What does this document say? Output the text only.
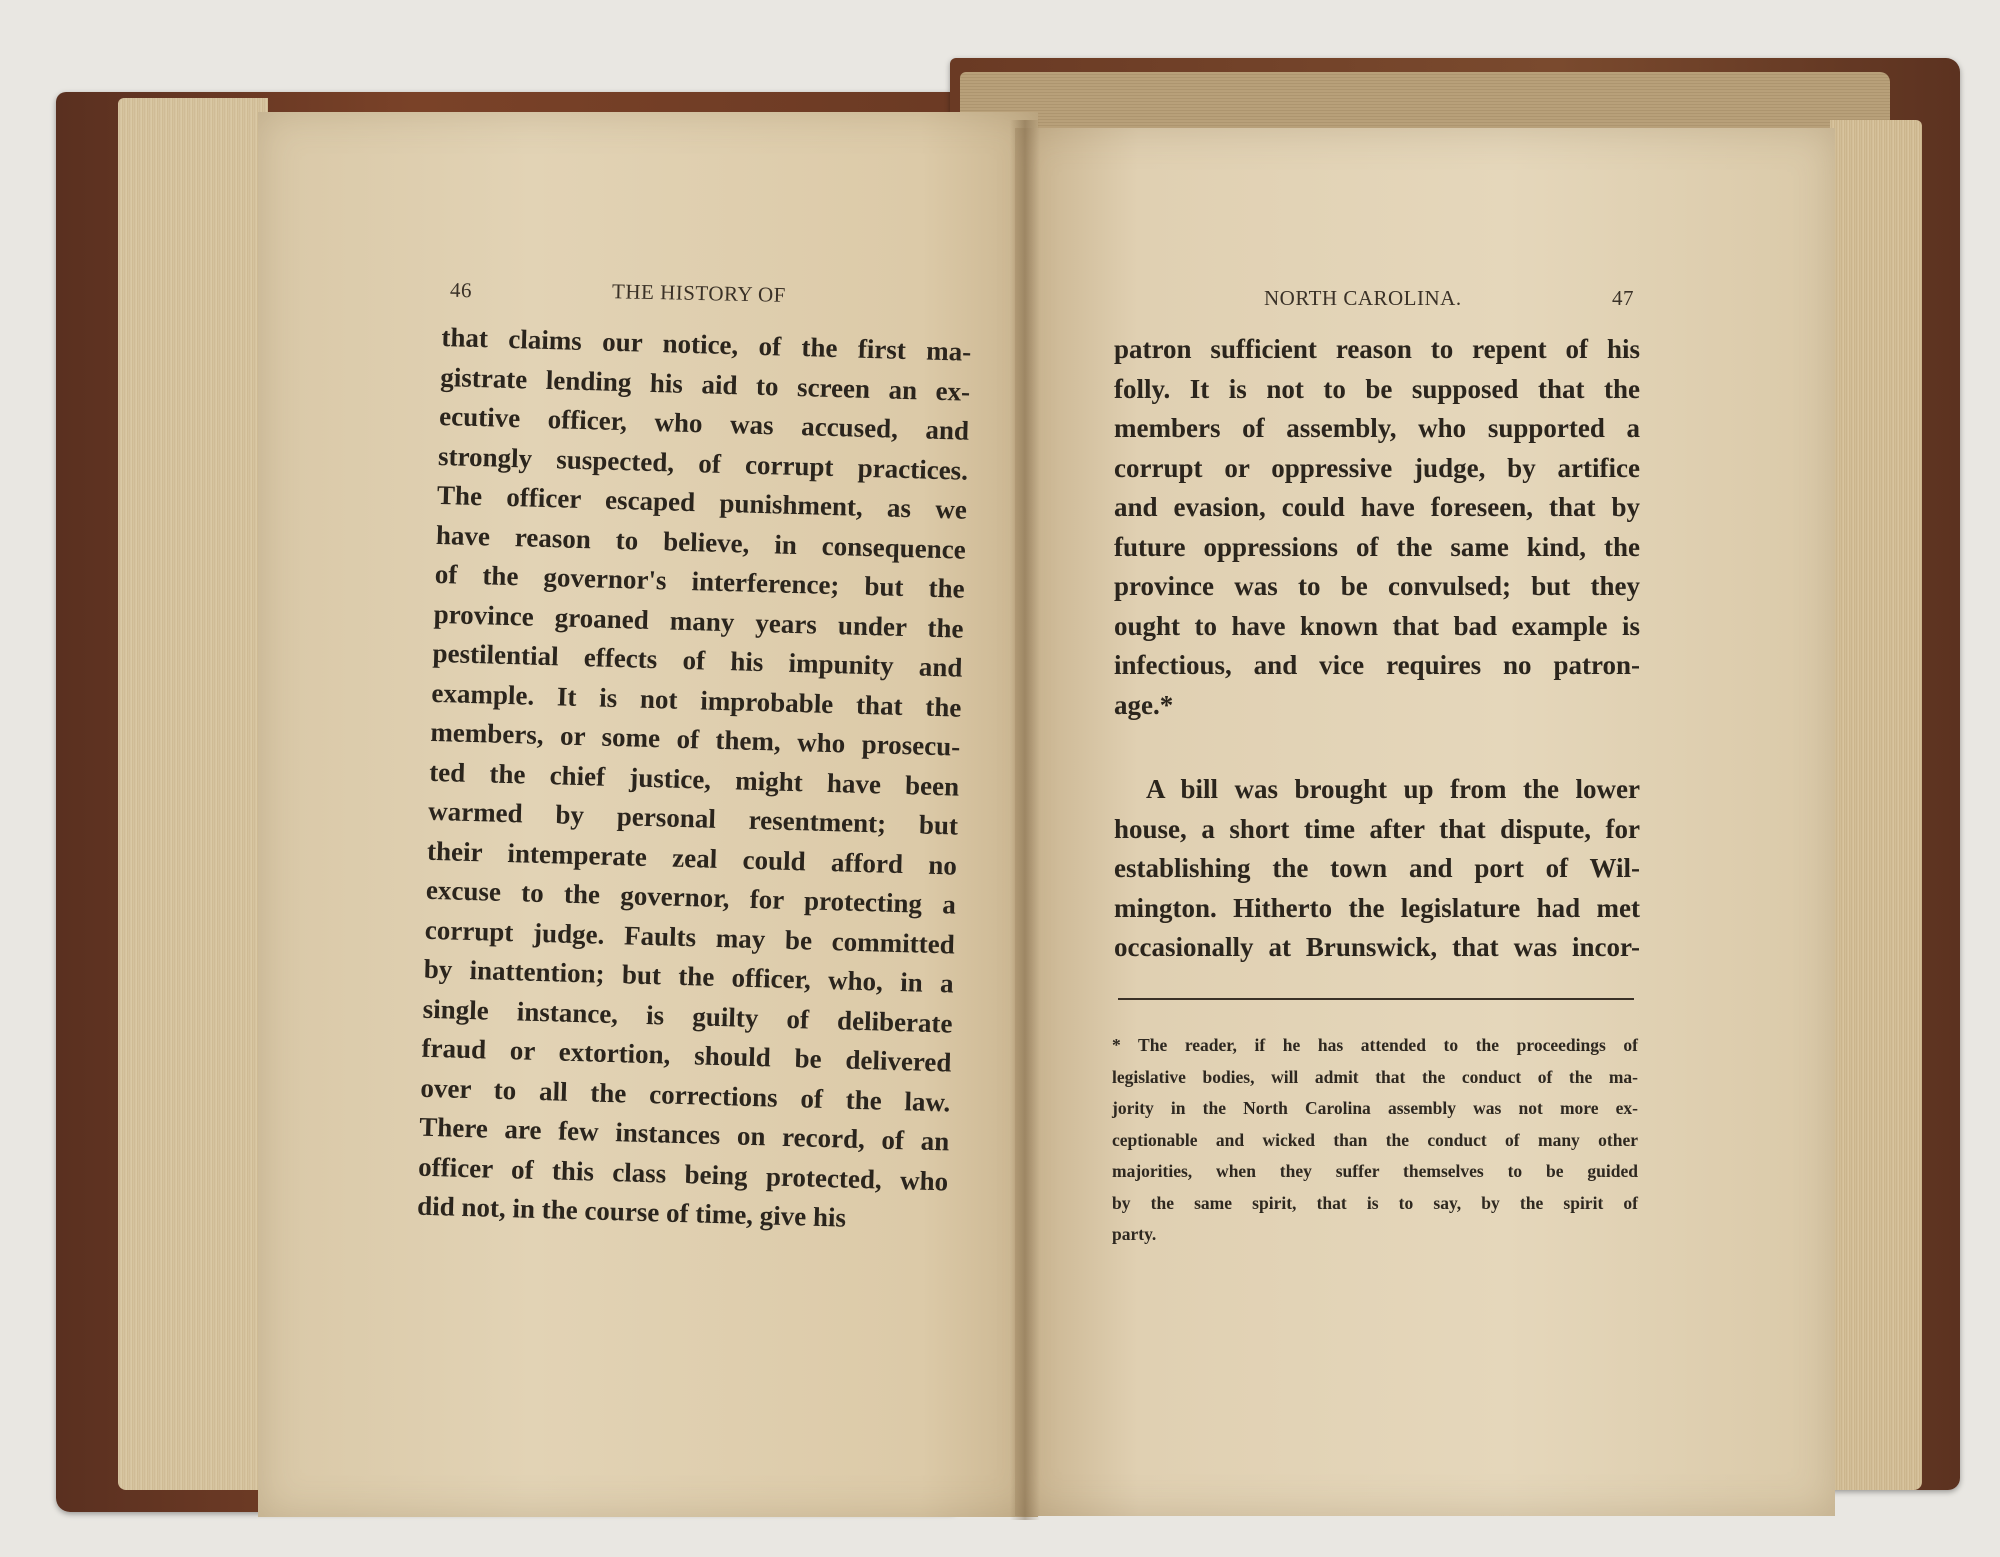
46	THE HISTORY OF
that claims our notice, of the first ma-
gistrate lending his aid to screen an ex-
ecutive officer, who was accused, and
strongly suspected, of corrupt practices.
The officer escaped punishment, as we
have reason to believe, in consequence
of the governor's interference; but the
province groaned many years under the
pestilential effects of his impunity and
example. It is not improbable that the
members, or some of them, who prosecu-
ted the chief justice, might have been
warmed by personal resentment; but
their intemperate zeal could afford no
excuse to the governor, for protecting a
corrupt judge. Faults may be committed
by inattention; but the officer, who, in a
single instance, is guilty of deliberate
fraud or extortion, should be delivered
over to all the corrections of the law.
There are few instances on record, of an
officer of this class being protected, who
did not, in the course of time, give his
NORTH CAROLINA.	47
patron sufficient reason to repent of his
folly. It is not to be supposed that the
members of assembly, who supported a
corrupt or oppressive judge, by artifice
and evasion, could have foreseen, that by
future oppressions of the same kind, the
province was to be convulsed; but they
ought to have known that bad example is
infectious, and vice requires no patron-
age.*
A bill was brought up from the lower
house, a short time after that dispute, for
establishing the town and port of Wil-
mington. Hitherto the legislature had met
occasionally at Brunswick, that was incor-
* The reader, if he has attended to the proceedings of
legislative bodies, will admit that the conduct of the ma-
jority in the North Carolina assembly was not more ex-
ceptionable and wicked than the conduct of many other
majorities, when they suffer themselves to be guided
by the same spirit, that is to say, by the spirit of
party.
